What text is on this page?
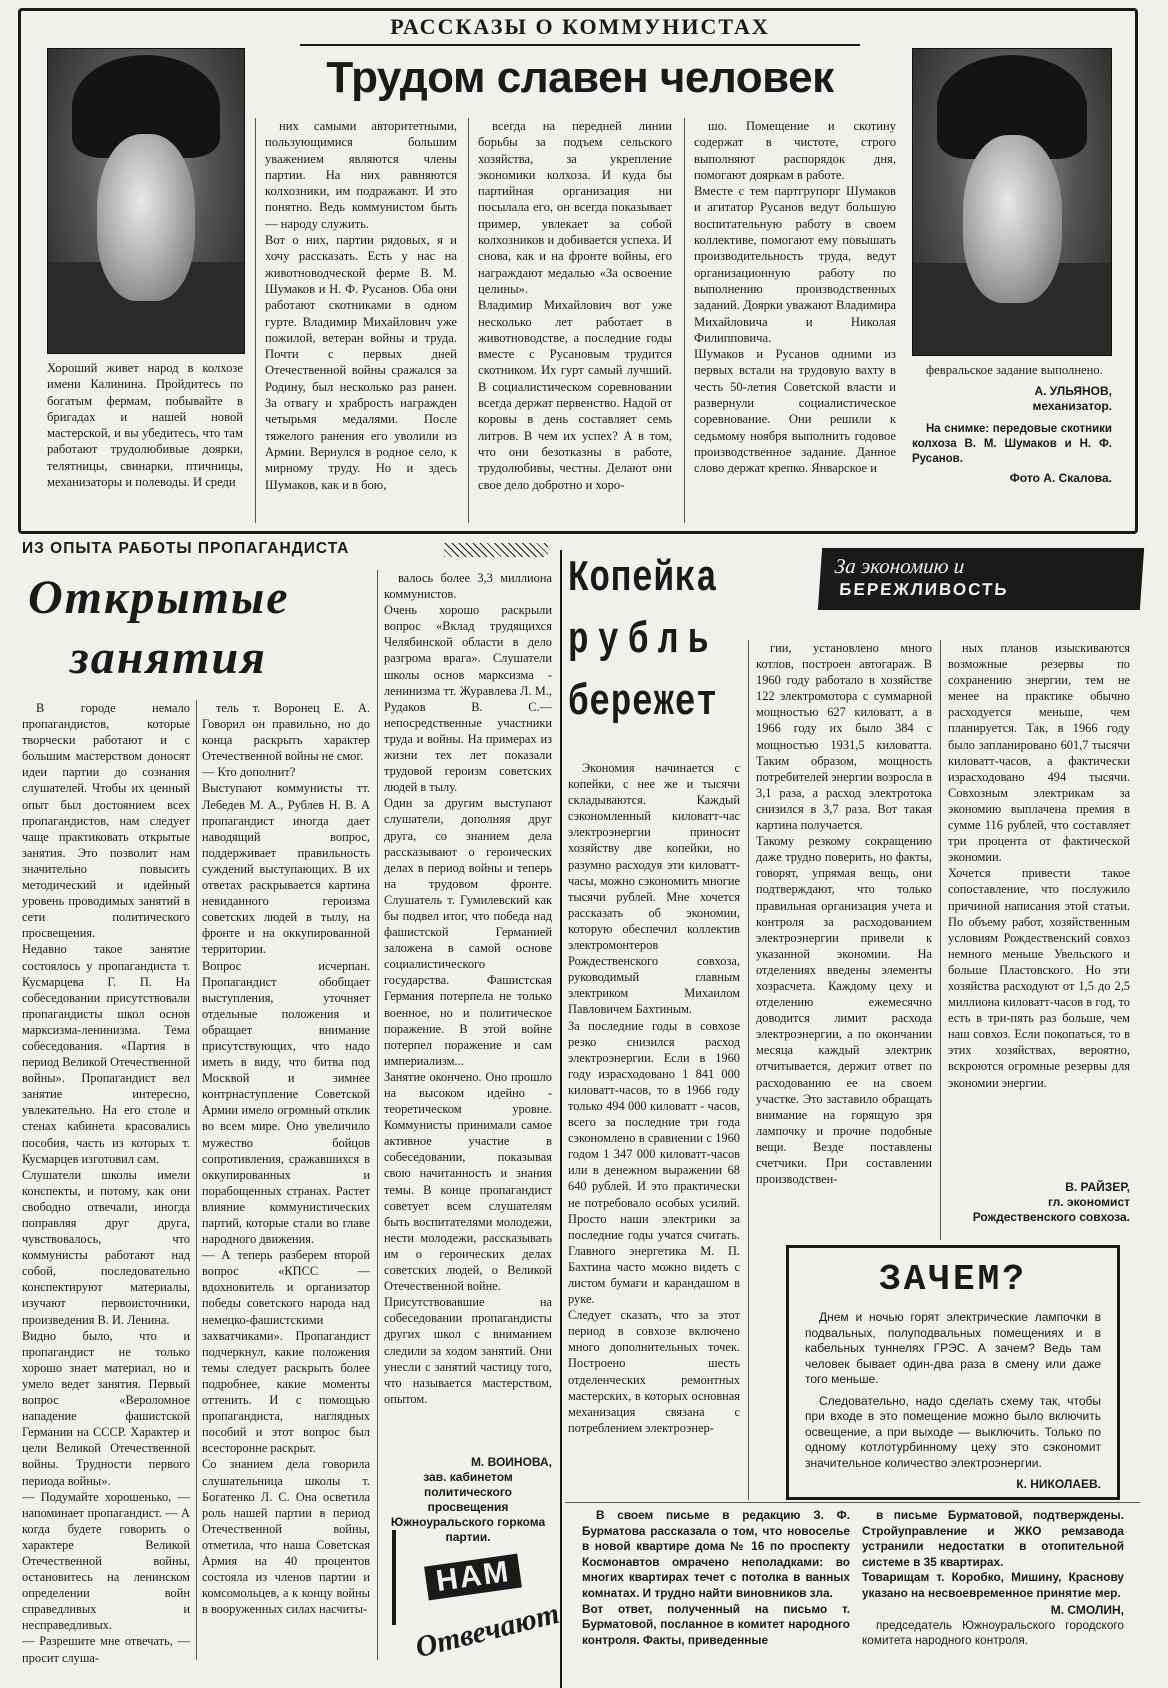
РАССКАЗЫ О КОММУНИСТАХ
Трудом славен человек
Хороший живет народ в колхозе имени Калинина. Пройдитесь по богатым фермам, побывайте в бригадах и нашей новой мастерской, и вы убедитесь, что там работают трудолюбивые доярки, телятницы, свинарки, птичницы, механизаторы и полеводы. И среди

них самыми авторитетными, пользующимися большим уважением являются члены партии. На них равняются колхозники, им подражают. И это понятно. Ведь коммунистом быть — народу служить.
Вот о них, партии рядовых, я и хочу рассказать. Есть у нас на животноводческой ферме В. М. Шумаков и Н. Ф. Русанов. Оба они работают скотниками в одном гурте. Владимир Михайлович уже пожилой, ветеран войны и труда. Почти с первых дней Отечественной войны сражался за Родину, был несколько раз ранен. За отвагу и храбрость награжден четырьмя медалями. После тяжелого ранения его уволили из Армии. Вернулся в родное село, к мирному труду. Но и здесь Шумаков, как и в бою,

всегда на передней линии борьбы за подъем сельского хозяйства, за укрепление экономики колхоза. И куда бы партийная организация ни посылала его, он всегда показывает пример, увлекает за собой колхозников и добивается успеха. И снова, как и на фронте войны, его награждают медалью «За освоение целины».
Владимир Михайлович вот уже несколько лет работает в животноводстве, а последние годы вместе с Русановым трудится скотником. Их гурт самый лучший. В социалистическом соревновании всегда держат первенство. Надой от коровы в день составляет семь литров. В чем их успех? А в том, что они безотказны в работе, трудолюбивы, честны. Делают они свое дело добротно и хоро-

шо. Помещение и скотину содержат в чистоте, строго выполняют распорядок дня, помогают дояркам в работе.
Вместе с тем партгрупорг Шумаков и агитатор Русанов ведут большую воспитательную работу в своем коллективе, помогают ему повышать производительность труда, ведут организационную работу по выполнению производственных заданий. Доярки уважают Владимира Михайловича и Николая Филипповича.
Шумаков и Русанов одними из первых встали на трудовую вахту в честь 50-летия Советской власти и развернули социалистическое соревнование. Они решили к седьмому ноября выполнить годовое производственное задание. Данное слово держат крепко. Январское и

февральское задание выполнено.

А. УЛЬЯНОВ,
механизатор.

На снимке: передовые скотники колхоза В. М. Шумаков и Н. Ф. Русанов.

Фото А. Скалова.
ИЗ ОПЫТА РАБОТЫ ПРОПАГАНДИСТА
Открытые
занятия

В городе немало пропагандистов, которые творчески работают и с большим мастерством доносят идеи партии до сознания слушателей. Чтобы их ценный опыт был достоянием всех пропагандистов, нам следует чаще практиковать открытые занятия. Это позволит нам значительно повысить методический и идейный уровень проводимых занятий в сети политического просвещения.
Недавно такое занятие состоялось у пропагандиста т. Кусмарцева Г. П. На собеседовании присутствовали пропагандисты школ основ марксизма-ленинизма. Тема собеседования. «Партия в период Великой Отечественной войны». Пропагандист вел занятие интересно, увлекательно. На его столе и стенах кабинета красовались пособия, часть из которых т. Кусмарцев изготовил сам.
Слушатели школы имели конспекты, и потому, как они свободно отвечали, иногда поправляя друг друга, чувствовалось, что коммунисты работают над собой, последовательно конспектируют материалы, изучают первоисточники, произведения В. И. Ленина.
Видно было, что и пропагандист не только хорошо знает материал, но и умело ведет занятия. Первый вопрос «Вероломное нападение фашистской Германии на СССР. Характер и цели Великой Отечественной войны. Трудности первого периода войны».
— Подумайте хорошенько, — напоминает пропагандист. — А когда будете говорить о характере Великой Отечественной войны, остановитесь на ленинском определении войн справедливых и несправедливых.
— Разрешите мне отвечать, — просит слуша-

тель т. Воронец Е. А. Говорил он правильно, но до конца раскрыть характер Отечественной войны не смог.
— Кто дополнит?
Выступают коммунисты тт. Лебедев М. А., Рублев Н. В. А пропагандист иногда дает наводящий вопрос, поддерживает правильность суждений выступающих. В их ответах раскрывается картина невиданного героизма советских людей в тылу, на фронте и на оккупированной территории.
Вопрос исчерпан. Пропагандист обобщает выступления, уточняет отдельные положения и обращает внимание присутствующих, что надо иметь в виду, что битва под Москвой и зимнее контрнаступление Советской Армии имело огромный отклик во всем мире. Оно увеличило мужество бойцов сопротивления, сражавшихся в оккупированных и порабощенных странах. Растет влияние коммунистических партий, которые стали во главе народного движения.
— А теперь разберем второй вопрос «КПСС — вдохновитель и организатор победы советского народа над немецко-фашистскими захватчиками». Пропагандист подчеркнул, какие положения темы следует раскрыть более подробнее, какие моменты оттенить. И с помощью пропагандиста, наглядных пособий и этот вопрос был всесторонне раскрыт.
Со знанием дела говорила слушательница школы т. Богатенко Л. С. Она осветила роль нашей партии в период Отечественной войны, отметила, что наша Советская Армия на 40 процентов состояла из членов партии и комсомольцев, а к концу войны в вооруженных силах насчиты-

валось более 3,3 миллиона коммунистов.
Очень хорошо раскрыли вопрос «Вклад трудящихся Челябинской области в дело разгрома врага». Слушатели школы основ марксизма - ленинизма тт. Журавлева Л. М., Рудаков В. С.— непосредственные участники труда и войны. На примерах из жизни тех лет показали трудовой героизм советских людей в тылу.
Один за другим выступают слушатели, дополняя друг друга, со знанием дела рассказывают о героических делах в период войны и теперь на трудовом фронте. Слушатель т. Гумилевский как бы подвел итог, что победа над фашистской Германией заложена в самой основе социалистического государства. Фашистская Германия потерпела не только военное, но и политическое поражение. В этой войне потерпел поражение и сам империализм...
Занятие окончено. Оно прошло на высоком идейно - теоретическом уровне. Коммунисты принимали самое активное участие в собеседовании, показывая свою начитанность и знания темы. В конце пропагандист советует всем слушателям быть воспитателями молодежи, нести молодежи, рассказывать им о героических делах советских людей, о Великой Отечественной войне.
Присутствовавшие на собеседовании пропагандисты других школ с вниманием следили за ходом занятий. Они унесли с занятий частицу того, что называется мастерством, опытом.

М. ВОИНОВА,
зав. кабинетом политического просвещения Южноуральского горкома партии.
Копейка
рубль
бережет
За экономию и
БЕРЕЖЛИВОСТЬ

Экономия начинается с копейки, с нее же и тысячи складываются. Каждый сэкономленный киловатт-час электроэнергии приносит хозяйству две копейки, но разумно расходуя эти киловатт-часы, можно сэкономить многие тысячи рублей. Мне хочется рассказать об экономии, которую обеспечил коллектив электромонтеров Рождественского совхоза, руководимый главным электриком Михаилом Павловичем Бахтиным.
За последние годы в совхозе резко снизился расход электроэнергии. Если в 1960 году израсходовано 1 841 000 киловатт-часов, то в 1966 году только 494 000 киловатт - часов, всего за последние три года сэкономлено в сравнении с 1960 годом 1 347 000 киловатт-часов или в денежном выражении 68 640 рублей. И это практически не потребовало особых усилий. Просто наши электрики за последние годы учатся считать. Главного энергетика М. П. Бахтина часто можно видеть с листом бумаги и карандашом в руке.
Следует сказать, что за этот период в совхозе включено много дополнительных точек. Построено шесть отделенческих ремонтных мастерских, в которых основная механизация связана с потреблением электроэнер-

гии, установлено много котлов, построен автогараж. В 1960 году работало в хозяйстве 122 электромотора с суммарной мощностью 627 киловатт, а в 1966 году их было 384 с мощностью 1931,5 киловатта. Таким образом, мощность потребителей энергии возросла в 3,1 раза, а расход электротока снизился в 3,7 раза. Вот такая картина получается.
Такому резкому сокращению даже трудно поверить, но факты, говорят, упрямая вещь, они подтверждают, что только правильная организация учета и контроля за расходованием электроэнергии привели к указанной экономии. На отделениях введены элементы хозрасчета. Каждому цеху и отделению ежемесячно доводится лимит расхода электроэнергии, а по окончании месяца каждый электрик отчитывается, держит ответ по расходованию ее на своем участке. Это заставило обращать внимание на горящую зря лампочку и прочие подобные вещи. Везде поставлены счетчики. При составлении производствен-

ных планов изыскиваются возможные резервы по сохранению энергии, тем не менее на практике обычно расходуется меньше, чем планируется. Так, в 1966 году было запланировано 601,7 тысячи киловатт-часов, а фактически израсходовано 494 тысячи. Совхозным электрикам за экономию выплачена премия в сумме 116 рублей, что составляет три процента от фактической экономии.
Хочется привести такое сопоставление, что послужило причиной написания этой статьи. По объему работ, хозяйственным условиям Рождественский совхоз немного меньше Увельского и больше Пластовского. Но эти хозяйства расходуют от 1,5 до 2,5 миллиона киловатт-часов в год, то есть в три-пять раз больше, чем наш совхоз. Если покопаться, то в этих хозяйствах, вероятно, вскроются огромные резервы для экономии энергии.

В. РАЙЗЕР,
гл. экономист Рождественского совхоза.
ЗАЧЕМ?

Днем и ночью горят электрические лампочки в подвальных, полуподвальных помещениях и в кабельных туннелях ГРЭС. А зачем? Ведь там человек бывает один-два раза в смену или даже того меньше.

Следовательно, надо сделать схему так, чтобы при входе в это помещение можно было включить освещение, а при выходе — выключить. Только по одному котлотурбинному цеху это сэкономит значительное количество электроэнергии.

К. НИКОЛАЕВ.
НАМ
Отвечают

В своем письме в редакцию З. Ф. Бурматова рассказала о том, что новоселье в новой квартире дома № 16 по проспекту Космонавтов омрачено неполадками: во многих квартирах течет с потолка в ванных комнатах. И трудно найти виновников зла.
Вот ответ, полученный на письмо т. Бурматовой, посланное в комитет народного контроля. Факты, приведенные

в письме Бурматовой, подтверждены. Стройуправление и ЖКО ремзавода устранили недостатки в отопительной системе в 35 квартирах.
Товарищам т. Коробко, Мишину, Краснову указано на несвоевременное принятие мер.

М. СМОЛИН,

председатель Южноуральского городского комитета народного контроля.
